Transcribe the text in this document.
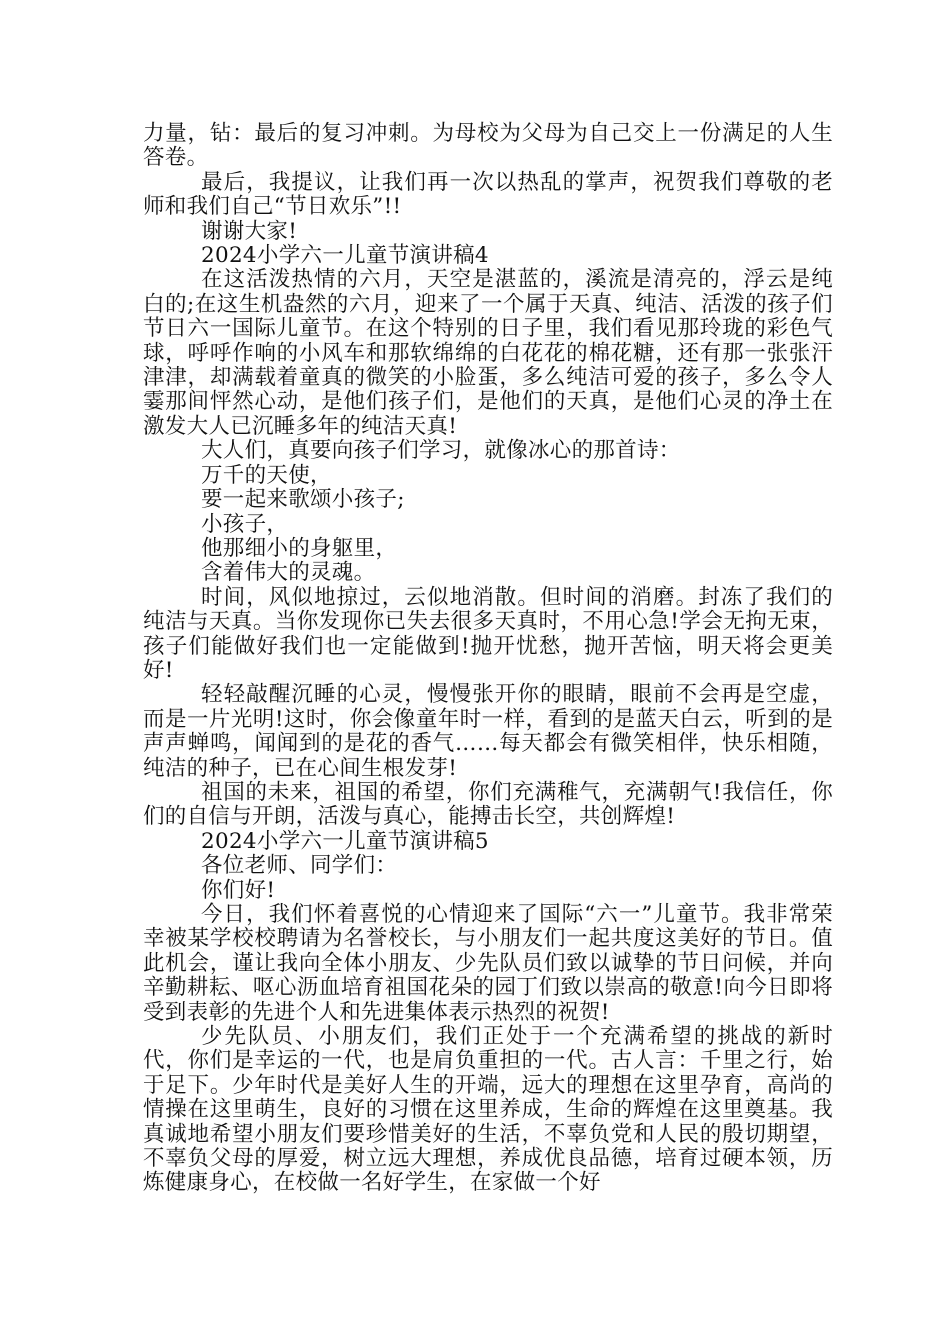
力量，钻：最后的复习冲刺。为母校为父母为自己交上一份满足的人生答卷。

最后，我提议，让我们再一次以热乱的掌声，祝贺我们尊敬的老师和我们自己“节日欢乐”!!

谢谢大家!

2024小学六一儿童节演讲稿4

在这活泼热情的六月，天空是湛蓝的，溪流是清亮的，浮云是纯白的;在这生机盎然的六月，迎来了一个属于天真、纯洁、活泼的孩子们节日六一国际儿童节。在这个特别的日子里，我们看见那玲珑的彩色气球，呼呼作响的小风车和那软绵绵的白花花的棉花糖，还有那一张张汗津津，却满载着童真的微笑的小脸蛋，多么纯洁可爱的孩子，多么令人霎那间怦然心动，是他们孩子们，是他们的天真，是他们心灵的净土在激发大人已沉睡多年的纯洁天真!

大人们，真要向孩子们学习，就像冰心的那首诗：

万千的天使，

要一起来歌颂小孩子;

小孩子，

他那细小的身躯里，

含着伟大的灵魂。

时间，风似地掠过，云似地消散。但时间的消磨。封冻了我们的纯洁与天真。当你发现你已失去很多天真时，不用心急!学会无拘无束，孩子们能做好我们也一定能做到!抛开忧愁，抛开苦恼，明天将会更美好!

轻轻敲醒沉睡的心灵，慢慢张开你的眼睛，眼前不会再是空虚，而是一片光明!这时，你会像童年时一样，看到的是蓝天白云，听到的是声声蝉鸣，闻闻到的是花的香气……每天都会有微笑相伴，快乐相随，纯洁的种子，已在心间生根发芽!

祖国的未来，祖国的希望，你们充满稚气，充满朝气!我信任，你们的自信与开朗，活泼与真心，能搏击长空，共创辉煌!

2024小学六一儿童节演讲稿5

各位老师、同学们：

你们好!

今日，我们怀着喜悦的心情迎来了国际“六一”儿童节。我非常荣幸被某学校校聘请为名誉校长，与小朋友们一起共度这美好的节日。值此机会，谨让我向全体小朋友、少先队员们致以诚挚的节日问候，并向辛勤耕耘、呕心沥血培育祖国花朵的园丁们致以崇高的敬意!向今日即将受到表彰的先进个人和先进集体表示热烈的祝贺!

少先队员、小朋友们，我们正处于一个充满希望的挑战的新时代，你们是幸运的一代，也是肩负重担的一代。古人言：千里之行，始于足下。少年时代是美好人生的开端，远大的理想在这里孕育，高尚的情操在这里萌生，良好的习惯在这里养成，生命的辉煌在这里奠基。我真诚地希望小朋友们要珍惜美好的生活，不辜负党和人民的殷切期望，不辜负父母的厚爱，树立远大理想，养成优良品德，培育过硬本领，历炼健康身心，在校做一名好学生，在家做一个好
